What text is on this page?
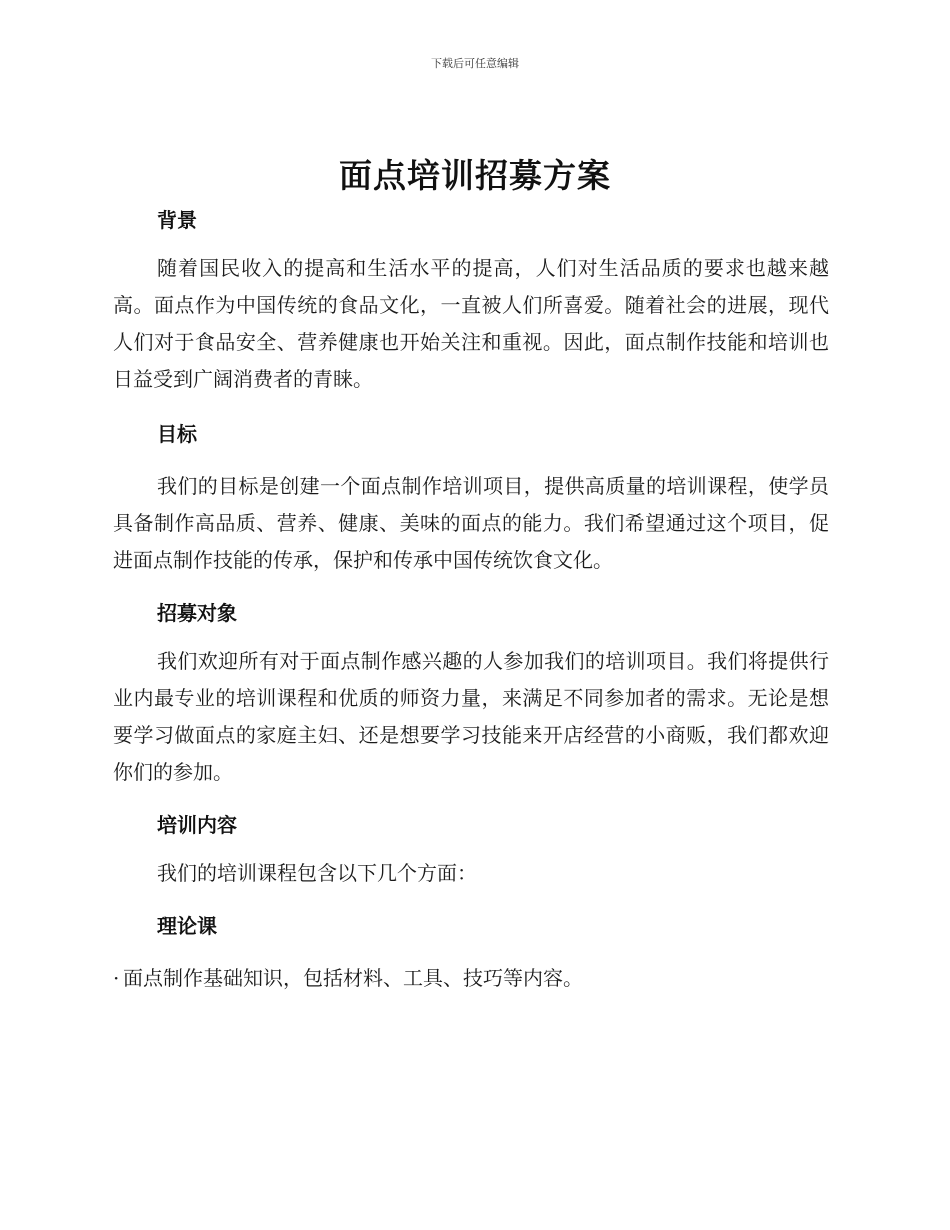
下载后可任意编辑
面点培训招募方案
背景

随着国民收入的提高和生活水平的提高，人们对生活品质的要求也越来越高。面点作为中国传统的食品文化，一直被人们所喜爱。随着社会的进展，现代人们对于食品安全、营养健康也开始关注和重视。因此，面点制作技能和培训也日益受到广阔消费者的青睐。

目标

我们的目标是创建一个面点制作培训项目，提供高质量的培训课程，使学员具备制作高品质、营养、健康、美味的面点的能力。我们希望通过这个项目，促进面点制作技能的传承，保护和传承中国传统饮食文化。

招募对象

我们欢迎所有对于面点制作感兴趣的人参加我们的培训项目。我们将提供行业内最专业的培训课程和优质的师资力量，来满足不同参加者的需求。无论是想要学习做面点的家庭主妇、还是想要学习技能来开店经营的小商贩，我们都欢迎你们的参加。

培训内容

我们的培训课程包含以下几个方面：

理论课

· 面点制作基础知识，包括材料、工具、技巧等内容。
